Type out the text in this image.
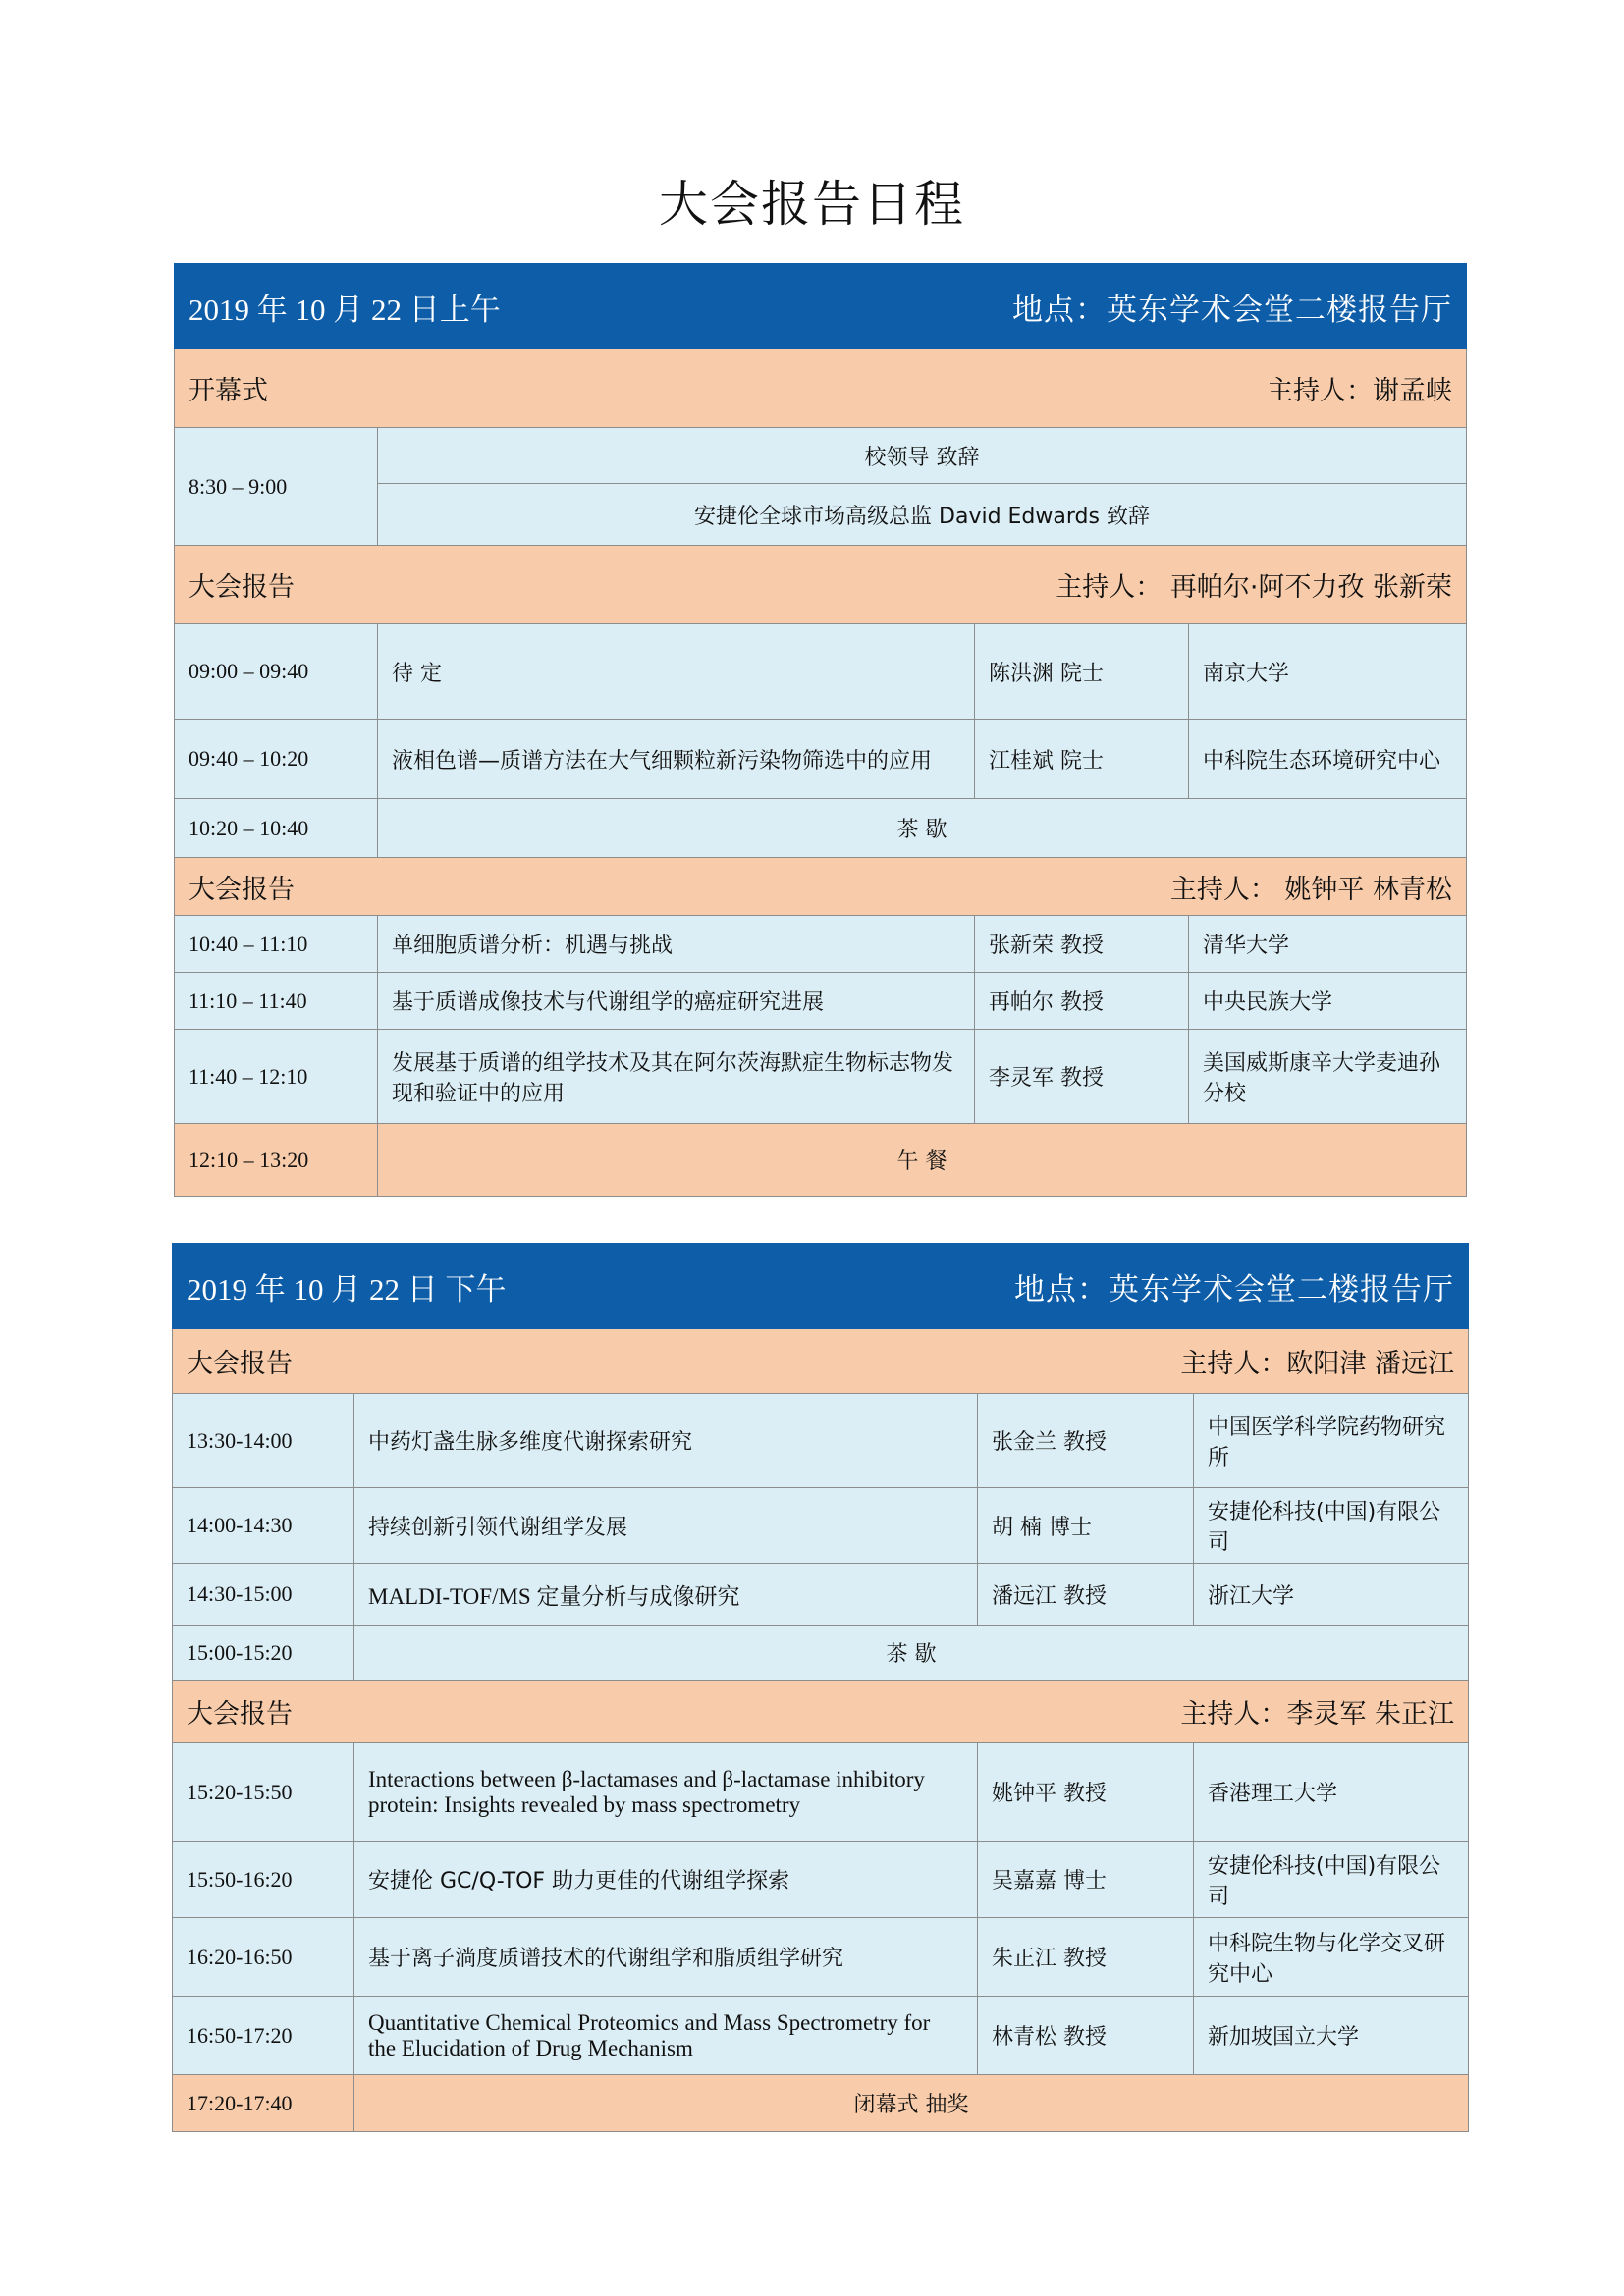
大会报告日程
2019 年 10 月 22 日上午 地点：英东学术会堂二楼报告厅			

开幕式 主持人：谢孟峡			

8:30 – 9:00	校领导 致辞		
	安捷伦全球市场高级总监 David Edwards 致辞		
大会报告 主持人： 再帕尔·阿不力孜 张新荣			

09:00 – 09:40	待 定	陈洪渊 院士	南京大学
09:40 – 10:20	液相色谱—质谱方法在大气细颗粒新污染物筛选中的应用	江桂斌 院士	中科院生态环境研究中心
10:20 – 10:40	茶 歇		
大会报告 主持人： 姚钟平 林青松			

10:40 – 11:10	单细胞质谱分析：机遇与挑战	张新荣 教授	清华大学
11:10 – 11:40	基于质谱成像技术与代谢组学的癌症研究进展	再帕尔 教授	中央民族大学
11:40 – 12:10	发展基于质谱的组学技术及其在阿尔茨海默症生物标志物发现和验证中的应用	李灵军 教授	美国威斯康辛大学麦迪孙分校
12:10 – 13:20	午 餐		
2019 年 10 月 22 日 下午 地点：英东学术会堂二楼报告厅			

大会报告 主持人：欧阳津 潘远江			

13:30-14:00	中药灯盏生脉多维度代谢探索研究	张金兰 教授	中国医学科学院药物研究所
14:00-14:30	持续创新引领代谢组学发展	胡 楠 博士	安捷伦科技(中国)有限公司
14:30-15:00	MALDI-TOF/MS 定量分析与成像研究	潘远江 教授	浙江大学
15:00-15:20	茶 歇		
大会报告 主持人：李灵军 朱正江			

15:20-15:50	Interactions between β-lactamases and β-lactamase inhibitory protein: Insights revealed by mass spectrometry	姚钟平 教授	香港理工大学
15:50-16:20	安捷伦 GC/Q-TOF 助力更佳的代谢组学探索	吴嘉嘉 博士	安捷伦科技(中国)有限公司
16:20-16:50	基于离子淌度质谱技术的代谢组学和脂质组学研究	朱正江 教授	中科院生物与化学交叉研究中心
16:50-17:20	Quantitative Chemical Proteomics and Mass Spectrometry for the Elucidation of Drug Mechanism	林青松 教授	新加坡国立大学
17:20-17:40	闭幕式 抽奖		
